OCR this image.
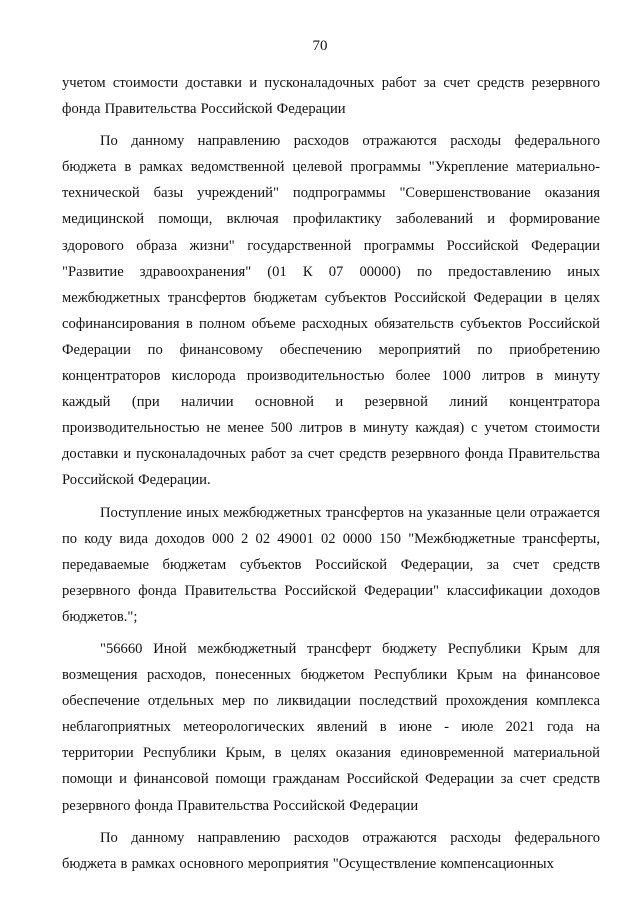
70

учетом стоимости доставки и пусконаладочных работ за счет средств резервного фонда Правительства Российской Федерации

По данному направлению расходов отражаются расходы федерального бюджета в рамках ведомственной целевой программы "Укрепление материально-технической базы учреждений" подпрограммы "Совершенствование оказания медицинской помощи, включая профилактику заболеваний и формирование здорового образа жизни" государственной программы Российской Федерации "Развитие здравоохранения" (01 К 07 00000) по предоставлению иных межбюджетных трансфертов бюджетам субъектов Российской Федерации в целях софинансирования в полном объеме расходных обязательств субъектов Российской Федерации по финансовому обеспечению мероприятий по приобретению концентраторов кислорода производительностью более 1000 литров в минуту каждый (при наличии основной и резервной линий концентратора производительностью не менее 500 литров в минуту каждая) с учетом стоимости доставки и пусконаладочных работ за счет средств резервного фонда Правительства Российской Федерации.

Поступление иных межбюджетных трансфертов на указанные цели отражается по коду вида доходов 000 2 02 49001 02 0000 150 "Межбюджетные трансферты, передаваемые бюджетам субъектов Российской Федерации, за счет средств резервного фонда Правительства Российской Федерации" классификации доходов бюджетов.";

"56660 Иной межбюджетный трансферт бюджету Республики Крым для возмещения расходов, понесенных бюджетом Республики Крым на финансовое обеспечение отдельных мер по ликвидации последствий прохождения комплекса неблагоприятных метеорологических явлений в июне - июле 2021 года на территории Республики Крым, в целях оказания единовременной материальной помощи и финансовой помощи гражданам Российской Федерации за счет средств резервного фонда Правительства Российской Федерации

По данному направлению расходов отражаются расходы федерального бюджета в рамках основного мероприятия "Осуществление компенсационных
